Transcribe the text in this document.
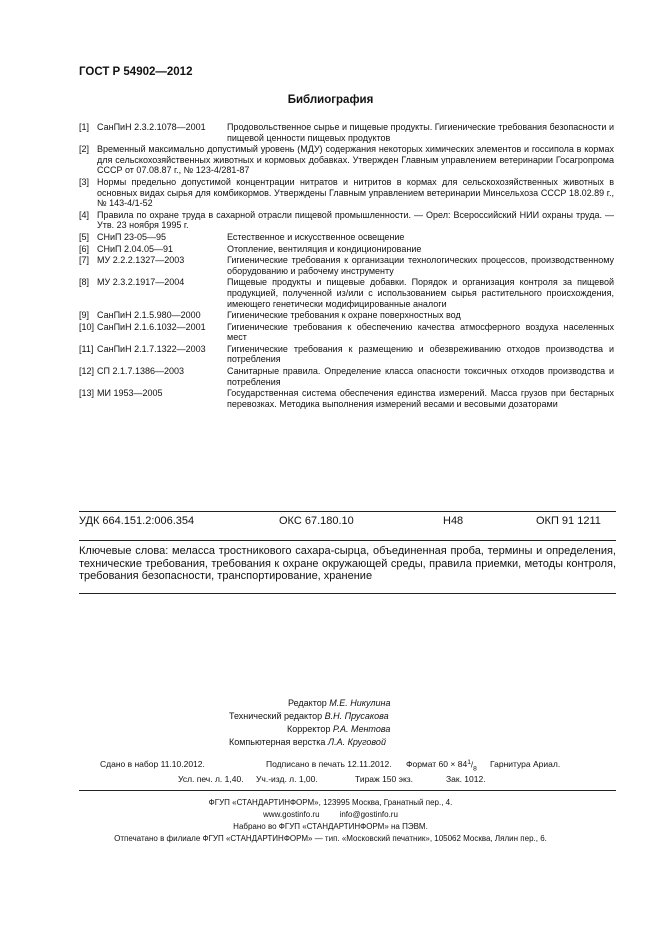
ГОСТ Р 54902—2012
Библиография
[1] СанПиН 2.3.2.1078—2001	Продовольственное сырье и пищевые продукты. Гигиенические требования безопасности и пищевой ценности пищевых продуктов
[2] Временный максимально допустимый уровень (МДУ) содержания некоторых химических элементов и госсипола в кормах для сельскохозяйственных животных и кормовых добавках. Утвержден Главным управлением ветеринарии Госагропрома СССР от 07.08.87 г., № 123-4/281-87
[3] Нормы предельно допустимой концентрации нитратов и нитритов в кормах для сельскохозяйственных животных в основных видах сырья для комбикормов. Утверждены Главным управлением ветеринарии Минсельхоза СССР 18.02.89 г., № 143-4/1-52
[4] Правила по охране труда в сахарной отрасли пищевой промышленности. — Орел: Всероссийский НИИ охраны труда. — Утв. 23 ноября 1995 г.
[5] СНиП 23-05—95	Естественное и искусственное освещение
[6] СНиП 2.04.05—91	Отопление, вентиляция и кондиционирование
[7] МУ 2.2.2.1327—2003	Гигиенические требования к организации технологических процессов, производственному оборудованию и рабочему инструменту
[8] МУ 2.3.2.1917—2004	Пищевые продукты и пищевые добавки. Порядок и организация контроля за пищевой продукцией, полученной из/или с использованием сырья растительного происхождения, имеющего генетически модифицированные аналоги
[9] СанПиН 2.1.5.980—2000	Гигиенические требования к охране поверхностных вод
[10] СанПиН 2.1.6.1032—2001	Гигиенические требования к обеспечению качества атмосферного воздуха населенных мест
[11] СанПиН 2.1.7.1322—2003	Гигиенические требования к размещению и обезвреживанию отходов производства и потребления
[12] СП 2.1.7.1386—2003	Санитарные правила. Определение класса опасности токсичных отходов производства и потребления
[13] МИ 1953—2005	Государственная система обеспечения единства измерений. Масса грузов при бестарных перевозках. Методика выполнения измерений весами и весовыми дозаторами
УДК 664.151.2:006.354	ОКС 67.180.10	Н48	ОКП 91 1211
Ключевые слова: меласса тростникового сахара-сырца, объединенная проба, термины и определения, технические требования, требования к охране окружающей среды, правила приемки, методы контроля, требования безопасности, транспортирование, хранение
Редактор М.Е. Никулина
Технический редактор В.Н. Прусакова
Корректор Р.А. Ментова
Компьютерная верстка Л.А. Круговой
Сдано в набор 11.10.2012.	Подписано в печать 12.11.2012. Формат 60 × 84 $^1/_8$ Гарнитура Ариал.
Усл. печ. л. 1,40. Уч.-изд. л. 1,00.	Тираж 150 экз.	Зак. 1012.
ФГУП «СТАНДАРТИНФОРМ», 123995 Москва, Гранатный пер., 4.
www.gostinfo.ru	info@gostinfo.ru
Набрано во ФГУП «СТАНДАРТИНФОРМ» на ПЭВМ.
Отпечатано в филиале ФГУП «СТАНДАРТИНФОРМ» — тип. «Московский печатник», 105062 Москва, Лялин пер., 6.
